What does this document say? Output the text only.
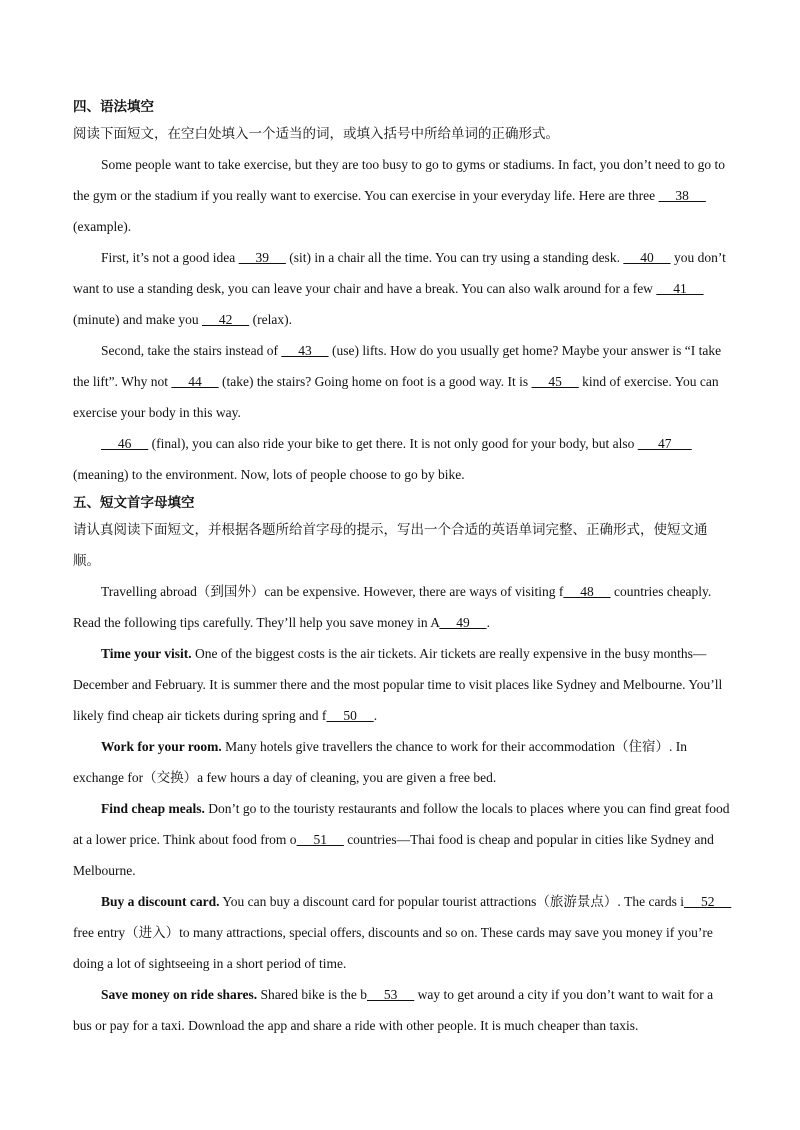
四、语法填空
阅读下面短文，在空白处填入一个适当的词，或填入括号中所给单词的正确形式。
Some people want to take exercise, but they are too busy to go to gyms or stadiums. In fact, you don’t need to go to the gym or the stadium if you really want to exercise. You can exercise in your everyday life. Here are three      38      (example).
First, it’s not a good idea      39      (sit) in a chair all the time. You can try using a standing desk.      40      you don’t want to use a standing desk, you can leave your chair and have a break. You can also walk around for a few      41      (minute) and make you      42      (relax).
Second, take the stairs instead of      43      (use) lifts. How do you usually get home? Maybe your answer is “I take the lift”. Why not      44      (take) the stairs? Going home on foot is a good way. It is      45      kind of exercise. You can exercise your body in this way.
46      (final), you can also ride your bike to get there. It is not only good for your body, but also       47       (meaning) to the environment. Now, lots of people choose to go by bike.
五、短文首字母填空
请认真阅读下面短文，并根据各题所给首字母的提示，写出一个合适的英语单词完整、正确形式，使短文通顺。
Travelling abroad（到国外）can be expensive. However, there are ways of visiting f     48      countries cheaply. Read the following tips carefully. They’ll help you save money in A     49     .
Time your visit. One of the biggest costs is the air tickets. Air tickets are really expensive in the busy months—December and February. It is summer there and the most popular time to visit places like Sydney and Melbourne. You’ll likely find cheap air tickets during spring and f     50     .
Work for your room. Many hotels give travellers the chance to work for their accommodation（住宿）. In exchange for（交换）a few hours a day of cleaning, you are given a free bed.
Find cheap meals. Don’t go to the touristy restaurants and follow the locals to places where you can find great food at a lower price. Think about food from o     51      countries—Thai food is cheap and popular in cities like Sydney and Melbourne.
Buy a discount card. You can buy a discount card for popular tourist attractions（旅游景点）. The cards i     52      free entry（进入）to many attractions, special offers, discounts and so on. These cards may save you money if you’re doing a lot of sightseeing in a short period of time.
Save money on ride shares. Shared bike is the b     53      way to get around a city if you don’t want to wait for a bus or pay for a taxi. Download the app and share a ride with other people. It is much cheaper than taxis.
